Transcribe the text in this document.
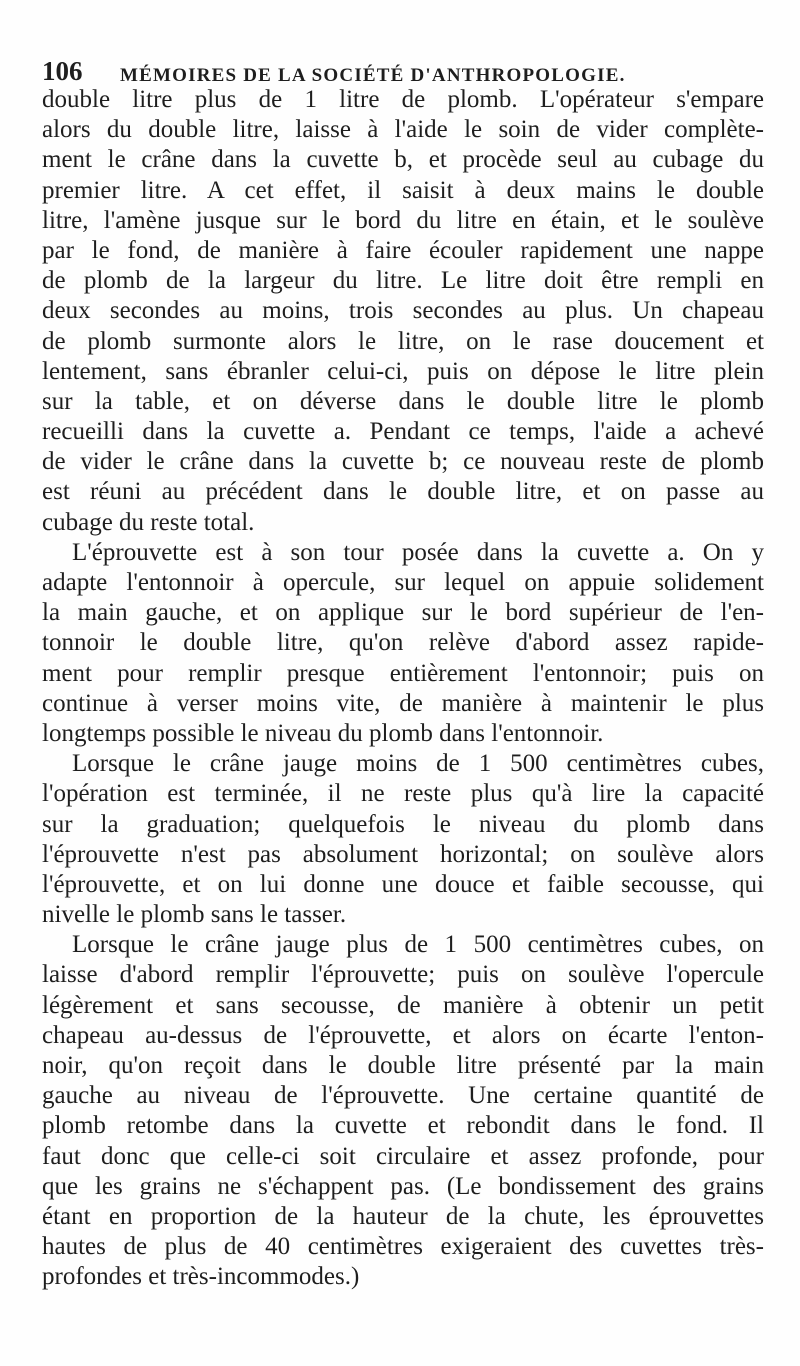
106 MÉMOIRES DE LA SOCIÉTÉ D'ANTHROPOLOGIE.
double litre plus de 1 litre de plomb. L'opérateur s'empare
alors du double litre, laisse à l'aide le soin de vider complète-
ment le crâne dans la cuvette b, et procède seul au cubage du
premier litre. A cet effet, il saisit à deux mains le double
litre, l'amène jusque sur le bord du litre en étain, et le soulève
par le fond, de manière à faire écouler rapidement une nappe
de plomb de la largeur du litre. Le litre doit être rempli en
deux secondes au moins, trois secondes au plus. Un chapeau
de plomb surmonte alors le litre, on le rase doucement et
lentement, sans ébranler celui-ci, puis on dépose le litre plein
sur la table, et on déverse dans le double litre le plomb
recueilli dans la cuvette a. Pendant ce temps, l'aide a achevé
de vider le crâne dans la cuvette b; ce nouveau reste de plomb
est réuni au précédent dans le double litre, et on passe au
cubage du reste total.
L'éprouvette est à son tour posée dans la cuvette a. On y
adapte l'entonnoir à opercule, sur lequel on appuie solidement
la main gauche, et on applique sur le bord supérieur de l'en-
tonnoir le double litre, qu'on relève d'abord assez rapide-
ment pour remplir presque entièrement l'entonnoir; puis on
continue à verser moins vite, de manière à maintenir le plus
longtemps possible le niveau du plomb dans l'entonnoir.
Lorsque le crâne jauge moins de 1 500 centimètres cubes,
l'opération est terminée, il ne reste plus qu'à lire la capacité
sur la graduation; quelquefois le niveau du plomb dans
l'éprouvette n'est pas absolument horizontal; on soulève alors
l'éprouvette, et on lui donne une douce et faible secousse, qui
nivelle le plomb sans le tasser.
Lorsque le crâne jauge plus de 1 500 centimètres cubes, on
laisse d'abord remplir l'éprouvette; puis on soulève l'opercule
légèrement et sans secousse, de manière à obtenir un petit
chapeau au-dessus de l'éprouvette, et alors on écarte l'enton-
noir, qu'on reçoit dans le double litre présenté par la main
gauche au niveau de l'éprouvette. Une certaine quantité de
plomb retombe dans la cuvette et rebondit dans le fond. Il
faut donc que celle-ci soit circulaire et assez profonde, pour
que les grains ne s'échappent pas. (Le bondissement des grains
étant en proportion de la hauteur de la chute, les éprouvettes
hautes de plus de 40 centimètres exigeraient des cuvettes très-
profondes et très-incommodes.)
